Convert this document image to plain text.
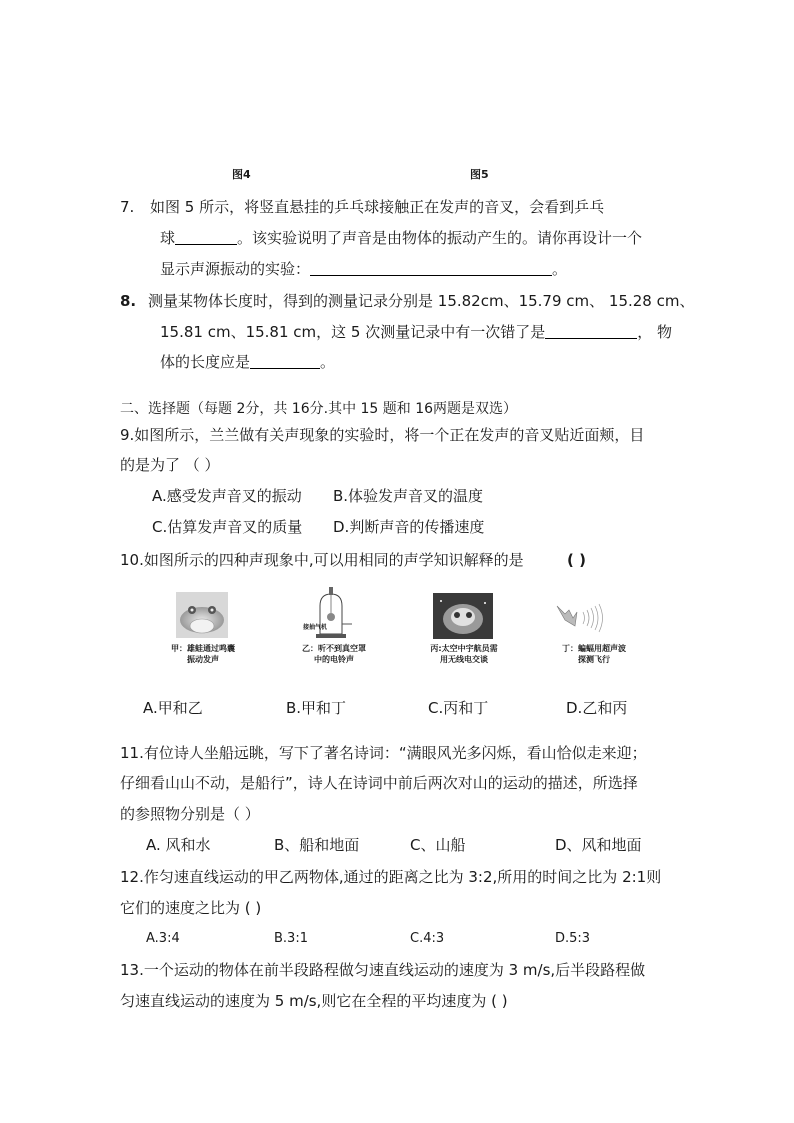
图4	图5
7. 如图 5 所示，将竖直悬挂的乒乓球接触正在发声的音叉，会看到乒乓
球	。该实验说明了声音是由物体的振动产生的。请你再设计一个
显示声源振动的实验：	。
8. 测量某物体长度时，得到的测量记录分别是 15.82cm、15.79 cm、 15.28 cm、
15.81 cm、15.81 cm，这 5 次测量记录中有一次错了是	， 物
体的长度应是	。
二、选择题（每题 2分，共 16分.其中 15 题和 16两题是双选）
9.如图所示，兰兰做有关声现象的实验时，将一个正在发声的音叉贴近面颊，目
的是为了 （ ）
A.感受发声音叉的振动 B.体验发声音叉的温度
C.估算发声音叉的质量 D.判断声音的传播速度
10.如图所示的四种声现象中,可以用相同的声学知识解释的是	( )
甲：雄蛙通过鸣囊振动发声
接抽气机
乙：听不到真空罩中的电铃声
丙:太空中宇航员需用无线电交谈
丁：蝙蝠用超声波探测飞行
A.甲和乙	B.甲和丁	C.丙和丁	D.乙和丙
11.有位诗人坐船远眺，写下了著名诗词：“满眼风光多闪烁，看山恰似走来迎；
仔细看山山不动，是船行”，诗人在诗词中前后两次对山的运动的描述，所选择
的参照物分别是（ ）
A. 风和水	B、船和地面	C、山船	D、风和地面
12.作匀速直线运动的甲乙两物体,通过的距离之比为 3:2,所用的时间之比为 2:1则
它们的速度之比为 ( )
A.3:4	B.3:1	C.4:3	D.5:3
13.一个运动的物体在前半段路程做匀速直线运动的速度为 3 m/s,后半段路程做
匀速直线运动的速度为 5 m/s,则它在全程的平均速度为 ( )
